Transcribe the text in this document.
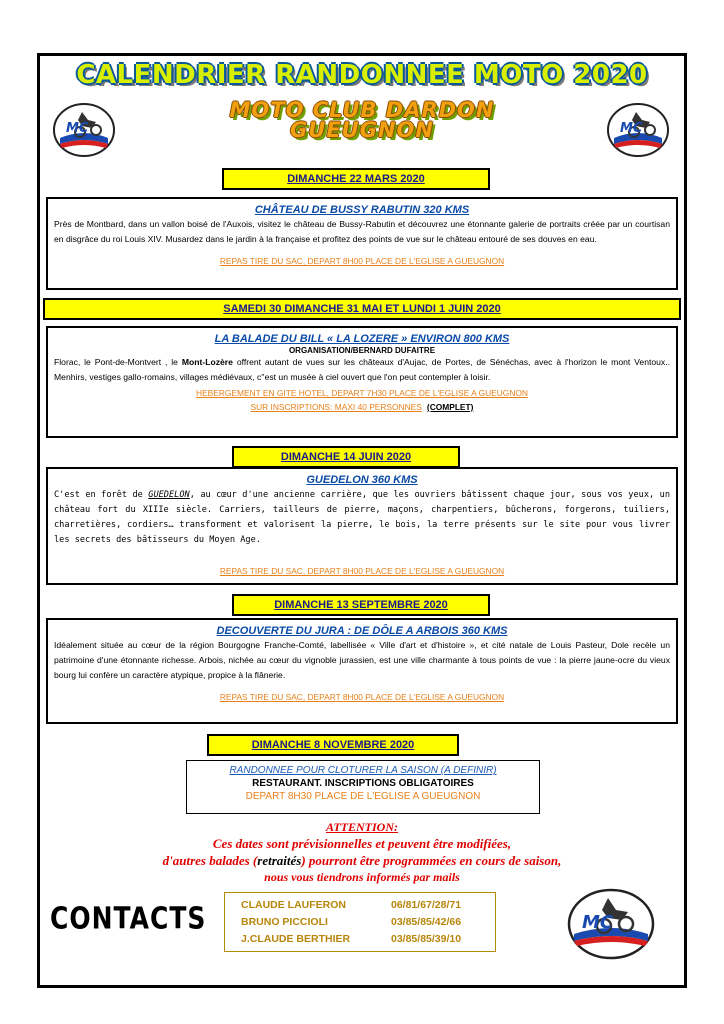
CALENDRIER RANDONNEE MOTO 2020
MOTO CLUB DARDON
GUEUGNON
MC	MC
DIMANCHE 22 MARS 2020
CHÂTEAU DE BUSSY RABUTIN 320 KMS
Près de Montbard, dans un vallon boisé de l'Auxois, visitez le château de Bussy-Rabutin et découvrez une étonnante galerie de portraits créée par un courtisan en disgrâce du roi Louis XIV. Musardez dans le jardin à la française et profitez des points de vue sur le château entouré de ses douves en eau.
REPAS TIRE DU SAC, DEPART 8H00 PLACE DE L'EGLISE A GUEUGNON
SAMEDI 30 DIMANCHE 31 MAI ET LUNDI 1 JUIN 2020
LA BALADE DU BILL « LA LOZERE » ENVIRON 800 KMS
ORGANISATION/BERNARD DUFAITRE
Florac, le Pont-de-Montvert , le Mont-Lozère offrent autant de vues sur les châteaux d'Aujac, de Portes, de Sénéchas, avec à l'horizon le mont Ventoux.. Menhirs, vestiges gallo-romains, villages médiévaux, c''est un musée à ciel ouvert que l'on peut contempler à loisir.
HEBERGEMENT EN GITE HOTEL, DEPART 7H30 PLACE DE L'EGLISE A GUEUGNON
SUR INSCRIPTIONS: MAXI 40 PERSONNES (COMPLET)
DIMANCHE 14 JUIN 2020
GUEDELON 360 KMS
C'est en forêt de GUEDELON, au cœur d'une ancienne carrière, que les ouvriers bâtissent chaque jour, sous vos yeux, un château fort du XIIIe siècle. Carriers, tailleurs de pierre, maçons, charpentiers, bûcherons, forgerons, tuiliers, charretières, cordiers… transforment et valorisent la pierre, le bois, la terre présents sur le site pour vous livrer les secrets des bâtisseurs du Moyen Age.
REPAS TIRE DU SAC, DEPART 8H00 PLACE DE L'EGLISE A GUEUGNON
DIMANCHE 13 SEPTEMBRE 2020
DECOUVERTE DU JURA : DE DÔLE A ARBOIS 360 KMS
Idéalement située au cœur de la région Bourgogne Franche-Comté, labellisée « Ville d'art et d'histoire », et cité natale de Louis Pasteur, Dole recèle un patrimoine d'une étonnante richesse. Arbois, nichée au cœur du vignoble jurassien, est une ville charmante à tous points de vue : la pierre jaune-ocre du vieux bourg lui confère un caractère atypique, propice à la flânerie.
REPAS TIRE DU SAC, DEPART 8H00 PLACE DE L'EGLISE A GUEUGNON
DIMANCHE 8 NOVEMBRE 2020
RANDONNEE POUR CLOTURER LA SAISON (A DEFINIR)
RESTAURANT. INSCRIPTIONS OBLIGATOIRES
DEPART 8H30 PLACE DE L'EGLISE A GUEUGNON
ATTENTION:
Ces dates sont prévisionnelles et peuvent être modifiées,
d'autres balades (retraités) pourront être programmées en cours de saison,
nous vous tiendrons informés par mails
CONTACTS	CLAUDE LAUFERON	06/81/67/28/71
BRUNO PICCIOLI	03/85/85/42/66
J.CLAUDE BERTHIER	03/85/85/39/10
MC
